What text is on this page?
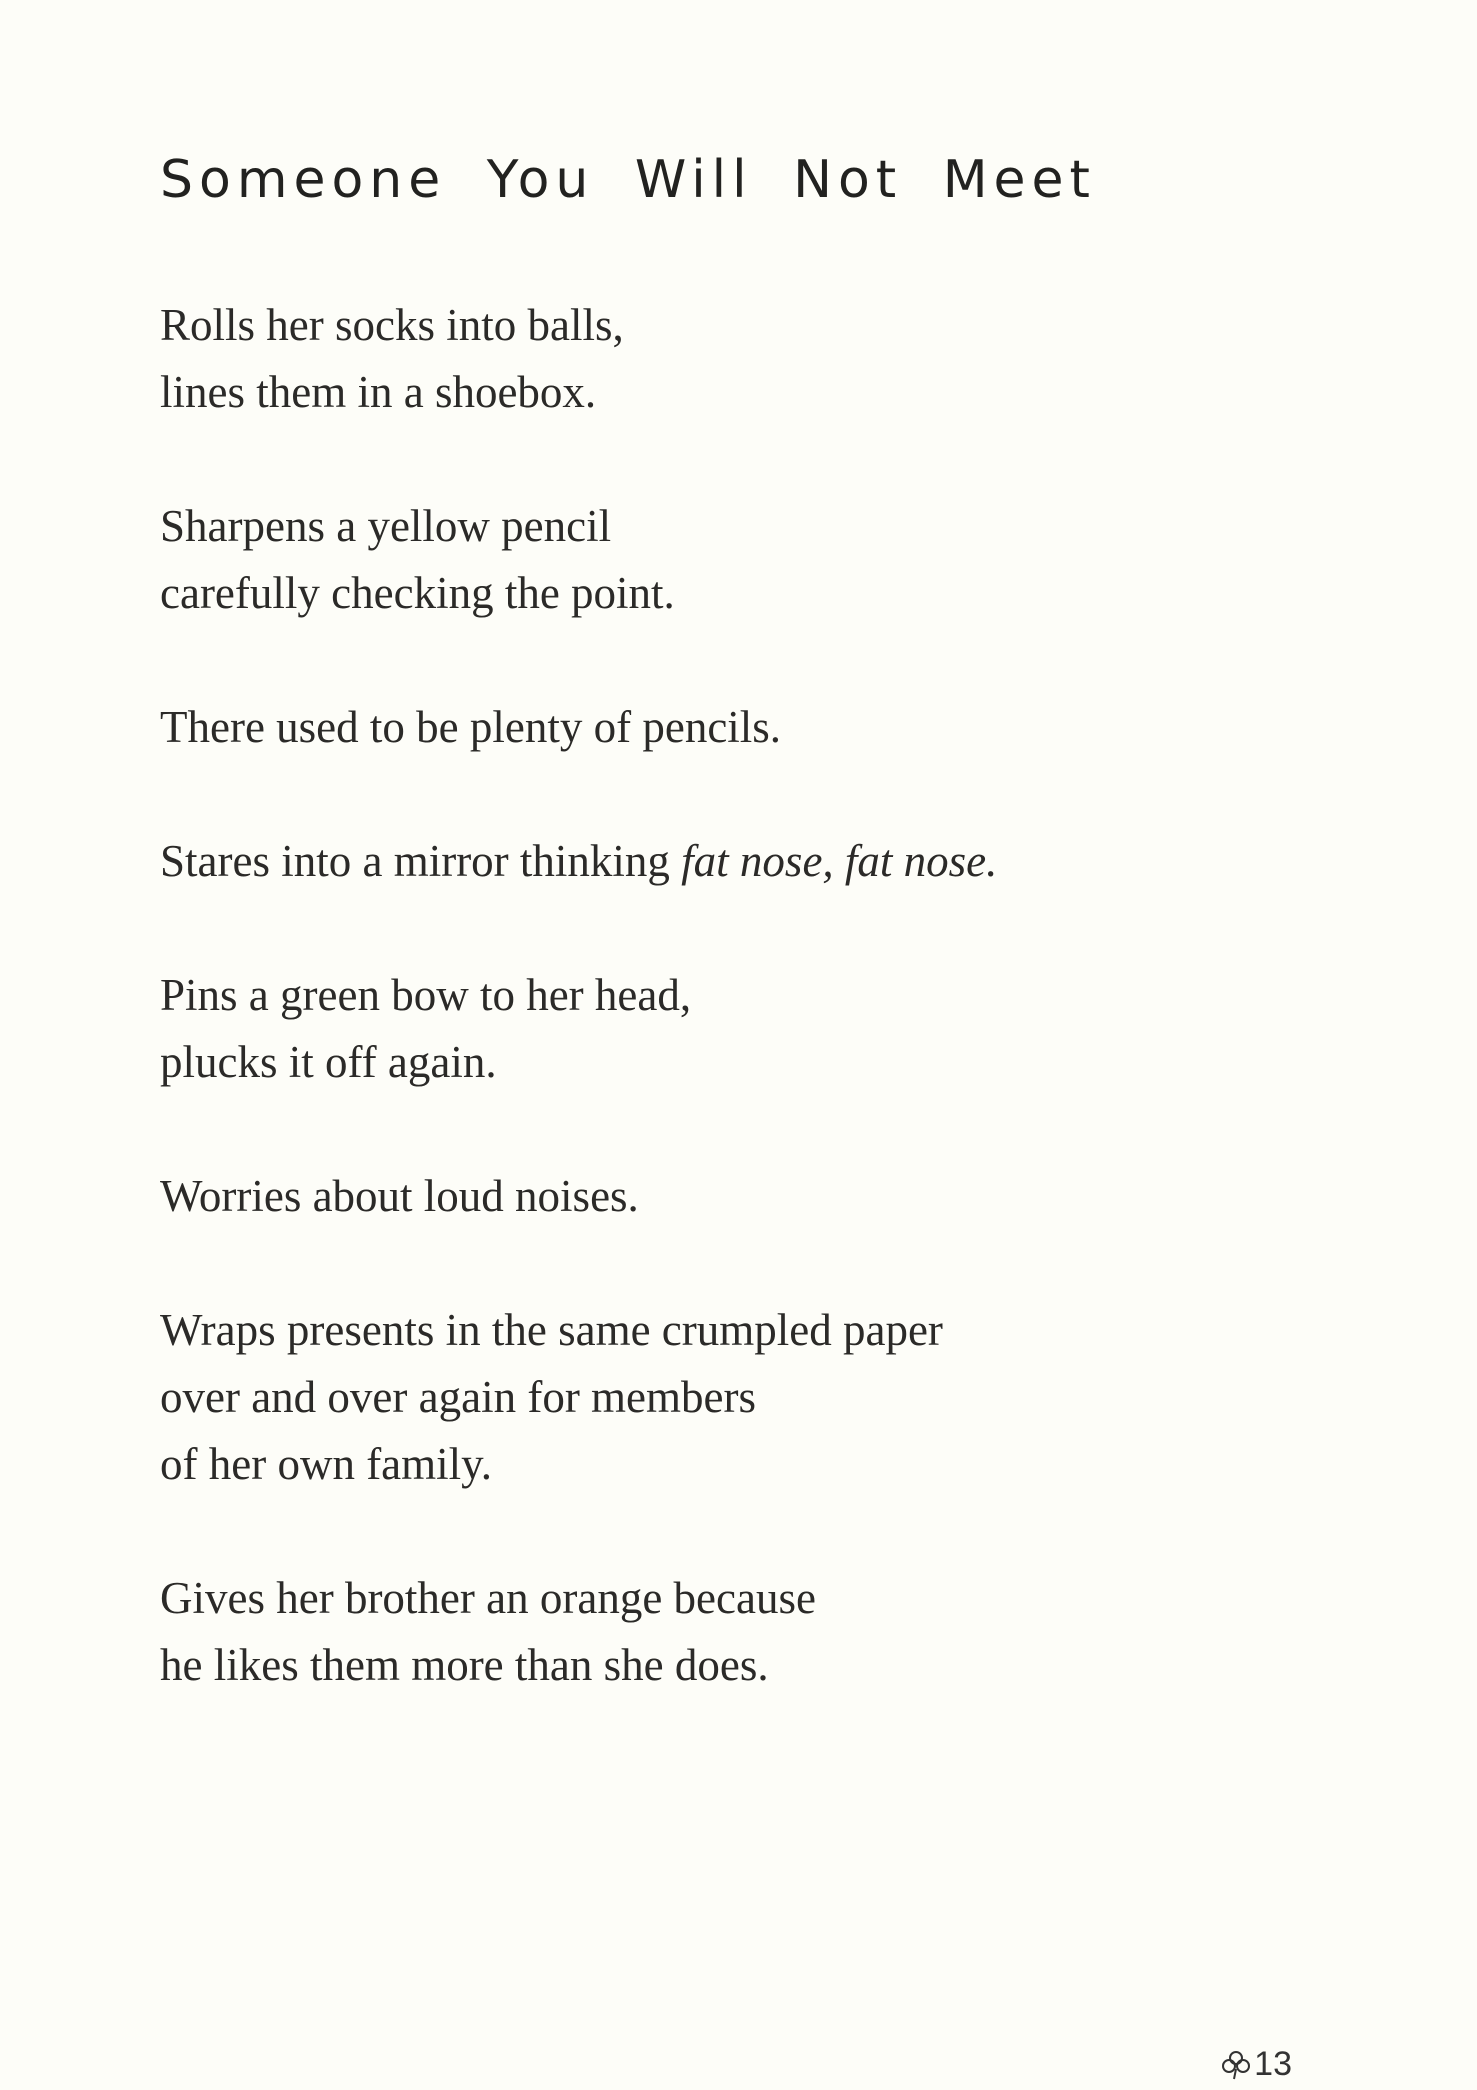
Someone You Will Not Meet
Rolls her socks into balls,
lines them in a shoebox.
Sharpens a yellow pencil
carefully checking the point.
There used to be plenty of pencils.
Stares into a mirror thinking fat nose, fat nose.
Pins a green bow to her head,
plucks it off again.
Worries about loud noises.
Wraps presents in the same crumpled paper
over and over again for members
of her own family.
Gives her brother an orange because
he likes them more than she does.
13
